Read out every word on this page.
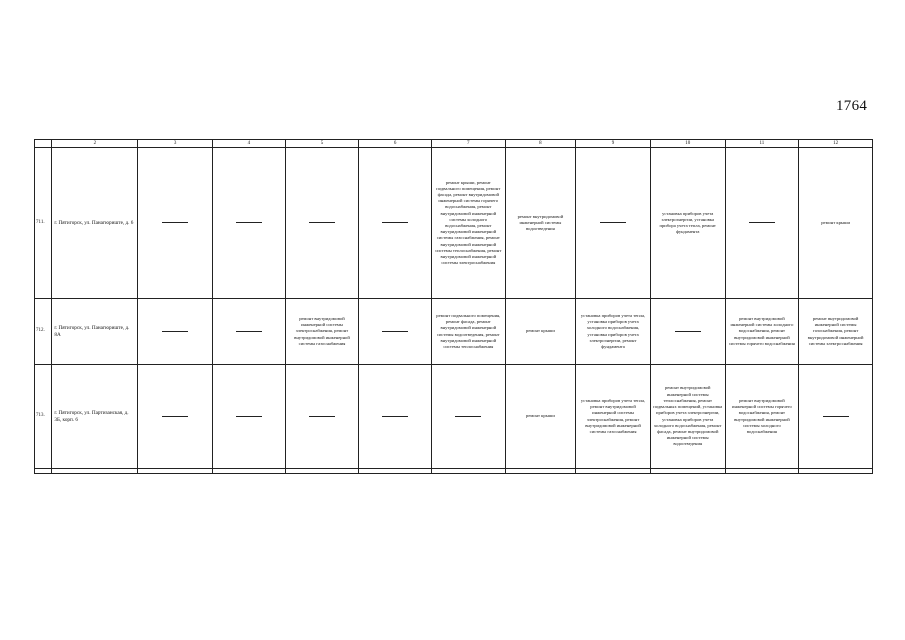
1764
	2	3	4	5	6	7	8	9	10	11	12
711.	г. Пятигорск, ул. Панагюриште, д. 6					ремонт крыши, ремонт подвального помещения, ремонт фасада, ремонт внутридомовой инженерной системы горячего водоснабжения, ремонт внутридомовой инженерной системы холодного водоснабжения, ремонт внутридомовой инженерной системы газоснабжения, ремонт внутридомовой инженерной системы теплоснабжения, ремонт внутридомовой инженерной системы электроснабжения	ремонт внутридомовой инженерной системы водоотведения		установка приборов учета электроэнергии, установка прибора учета тепла, ремонт фундамента		ремонт крыши
712.	г. Пятигорск, ул. Панагюриште, д. 8А			ремонт внутридомовой инженерной системы электроснабжения, ремонт внутридомовой инженерной системы газоснабжения		ремонт подвального помещения, ремонт фасада, ремонт внутридомовой инженерной системы водоотведения, ремонт внутридомовой инженерной системы теплоснабжения	ремонт крыши	установка приборов учета тепла, установка приборов учета холодного водоснабжения, установка приборов учета электроэнергии, ремонт фундамента		ремонт внутридомовой инженерной системы холодного водоснабжения, ремонт внутридомовой инженерной системы горячего водоснабжения	ремонт внутридомовой инженерной системы газоснабжения, ремонт внутридомовой инженерной системы электроснабжения
713.	г. Пятигорск, ул. Партизанская, д. 3Б, корп. 6						ремонт крыши	установка приборов учета тепла, ремонт внутридомовой инженерной системы электроснабжения, ремонт внутридомовой инженерной системы газоснабжения	ремонт внутридомовой инженерной системы теплоснабжения, ремонт подвальных помещений, установка приборов учета электроэнергии, установка приборов учета холодного водоснабжения, ремонт фасада, ремонт внутридомовой инженерной системы водоотведения	ремонт внутридомовой инженерной системы горячего водоснабжения, ремонт внутридомовой инженерной системы холодного водоснабжения	
